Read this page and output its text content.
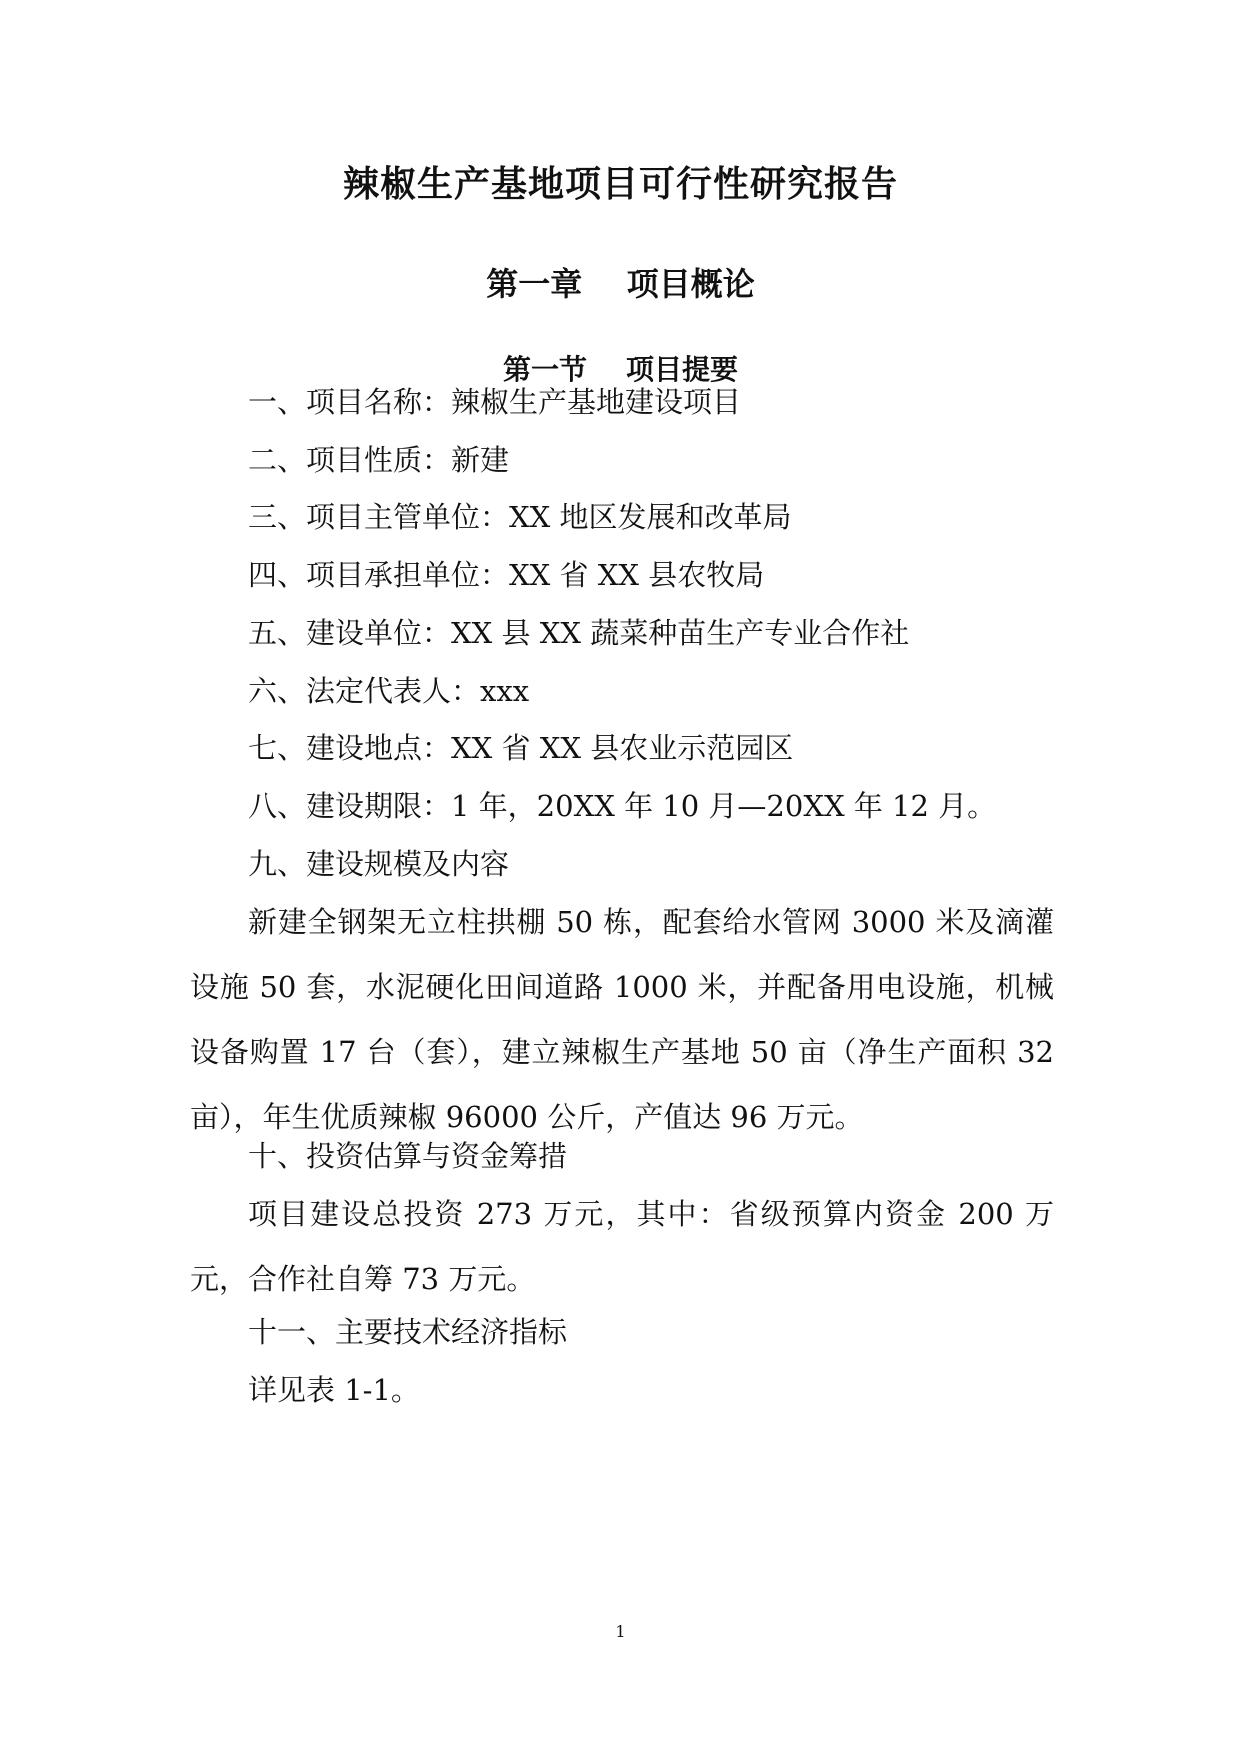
辣椒生产基地项目可行性研究报告
第一章    项目概论
第一节    项目提要
一、项目名称：辣椒生产基地建设项目
二、项目性质：新建
三、项目主管单位：XX 地区发展和改革局
四、项目承担单位：XX 省 XX 县农牧局
五、建设单位：XX 县 XX 蔬菜种苗生产专业合作社
六、法定代表人：xxx
七、建设地点：XX 省 XX 县农业示范园区
八、建设期限：1 年，20XX 年 10 月—20XX 年 12 月。
九、建设规模及内容
新建全钢架无立柱拱棚 50 栋，配套给水管网 3000 米及滴灌设施 50 套，水泥硬化田间道路 1000 米，并配备用电设施，机械设备购置 17 台（套），建立辣椒生产基地 50 亩（净生产面积 32 亩），年生优质辣椒 96000 公斤，产值达 96 万元。
十、投资估算与资金筹措
项目建设总投资 273 万元，其中：省级预算内资金 200 万元，合作社自筹 73 万元。
十一、主要技术经济指标
详见表 1-1。
1
